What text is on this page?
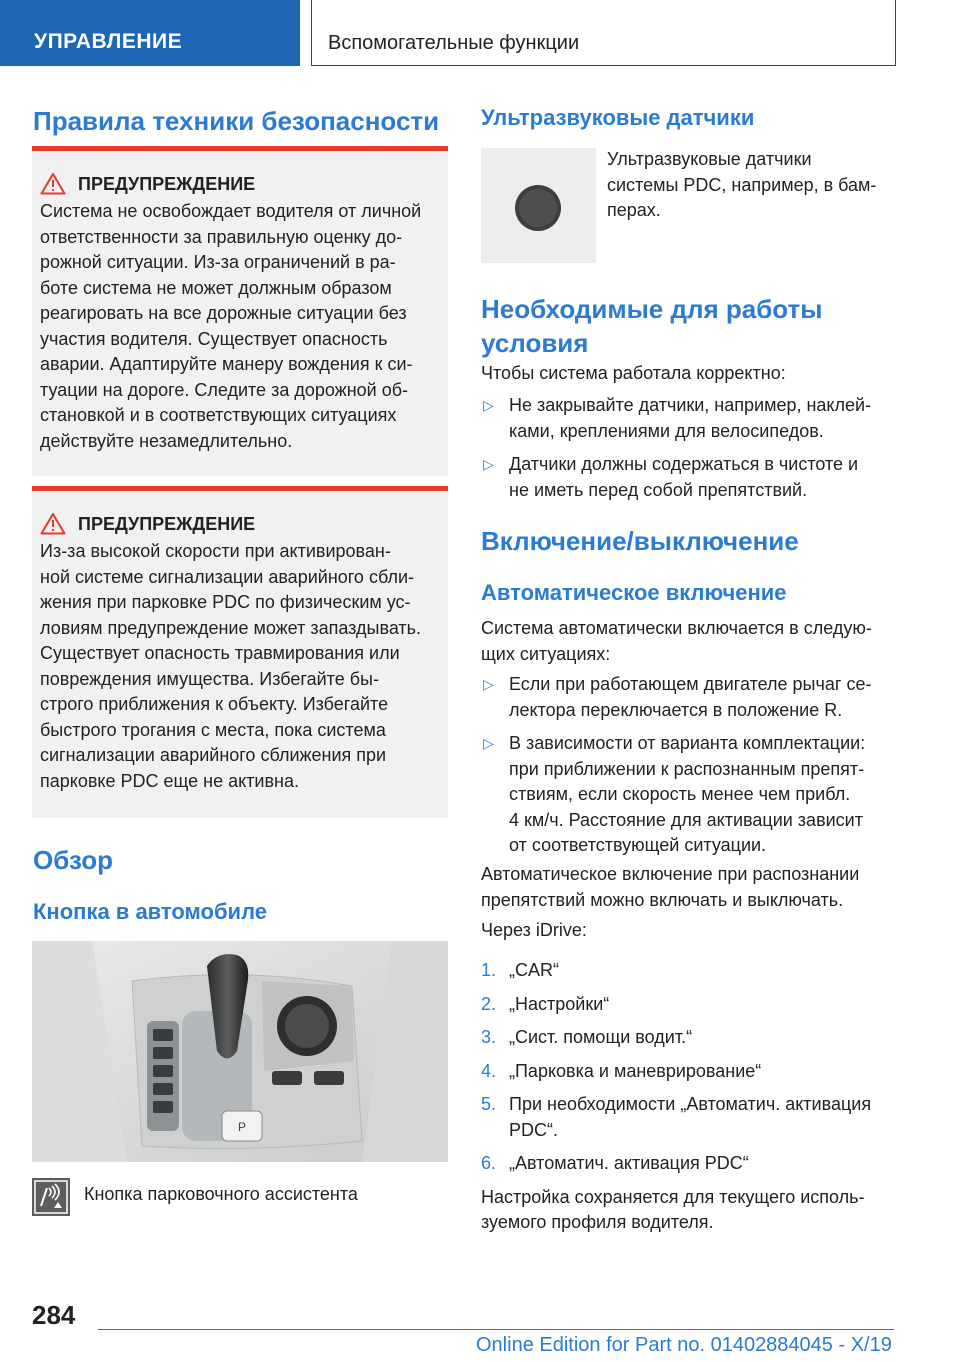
УПРАВЛЕНИЕ	Вспомогательные функции
Правила техники безопасности
ПРЕДУПРЕЖДЕНИЕ
Система не освобождает водителя от личной
ответственности за правильную оценку до-
рожной ситуации. Из-за ограничений в ра-
боте система не может должным образом
реагировать на все дорожные ситуации без
участия водителя. Существует опасность
аварии. Адаптируйте манеру вождения к си-
туации на дороге. Следите за дорожной об-
становкой и в соответствующих ситуациях
действуйте незамедлительно.
ПРЕДУПРЕЖДЕНИЕ
Из-за высокой скорости при активирован-
ной системе сигнализации аварийного сбли-
жения при парковке PDC по физическим ус-
ловиям предупреждение может запаздывать.
Существует опасность травмирования или
повреждения имущества. Избегайте бы-
строго приближения к объекту. Избегайте
быстрого трогания с места, пока система
сигнализации аварийного сближения при
парковке PDC еще не активна.
Обзор
Кнопка в автомобиле
P
Кнопка парковочного ассистента
Ультразвуковые датчики
Ультразвуковые датчики
системы PDC, например, в бам-
перах.
Необходимые для работы
условия
Чтобы система работала корректно:
▷ Не закрывайте датчики, например, наклей-
ками, креплениями для велосипедов.
▷ Датчики должны содержаться в чистоте и
не иметь перед собой препятствий.
Включение/выключение
Автоматическое включение
Система автоматически включается в следую-
щих ситуациях:
▷ Если при работающем двигателе рычаг се-
лектора переключается в положение R.
▷ В зависимости от варианта комплектации:
при приближении к распознанным препят-
ствиям, если скорость менее чем прибл.
4 км/ч. Расстояние для активации зависит
от соответствующей ситуации.
Автоматическое включение при распознании
препятствий можно включать и выключать.
Через iDrive:
1. „CAR“
2. „Настройки“
3. „Сист. помощи водит.“
4. „Парковка и маневрирование“
5. При необходимости „Автоматич. активация
PDC“.
6. „Автоматич. активация PDC“
Настройка сохраняется для текущего исполь-
зуемого профиля водителя.
284
Online Edition for Part no. 01402884045 - X/19
